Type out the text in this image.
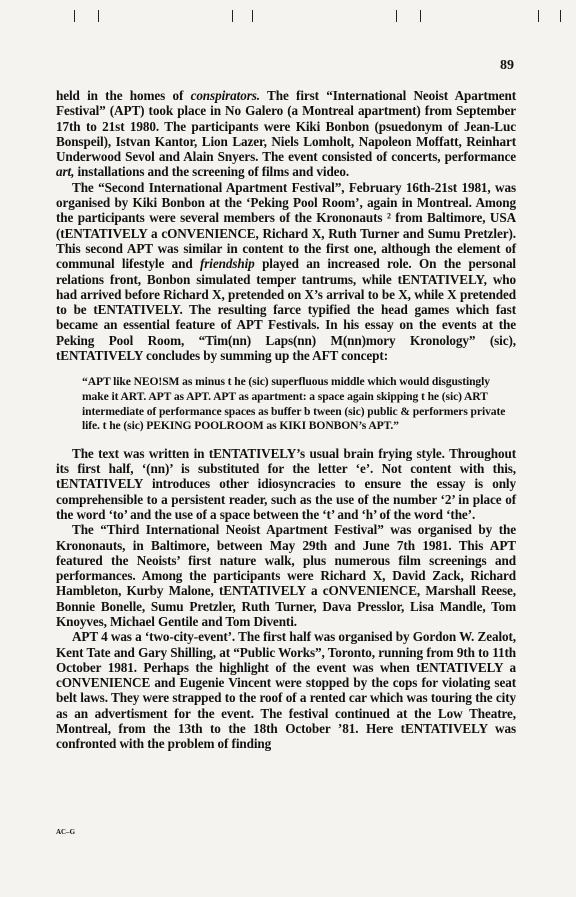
89

held in the homes of conspirators. The first “International Neoist Apartment Festival” (APT) took place in No Galero (a Montreal apartment) from September 17th to 21st 1980. The participants were Kiki Bonbon (psuedonym of Jean-Luc Bonspeil), Istvan Kantor, Lion Lazer, Niels Lomholt, Napoleon Moffatt, Reinhart Underwood Sevol and Alain Snyers. The event consisted of concerts, performance art, installations and the screening of films and video.

The “Second International Apartment Festival”, February 16th-21st 1981, was organised by Kiki Bonbon at the ‘Peking Pool Room’, again in Montreal. Among the participants were several members of the Krononauts ² from Baltimore, USA (tENTATIVELY a cONVENIENCE, Richard X, Ruth Turner and Sumu Pretzler). This second APT was similar in content to the first one, although the element of communal lifestyle and friendship played an increased role. On the personal relations front, Bonbon simulated temper tantrums, while tENTATIVELY, who had arrived before Richard X, pretended on X’s arrival to be X, while X pretended to be tENTATIVELY. The resulting farce typified the head games which fast became an essential feature of APT Festivals. In his essay on the events at the Peking Pool Room, “Tim(nn) Laps(nn) M(nn)mory Kronology” (sic), tENTATIVELY concludes by summing up the AFT concept:

“APT like NEO!SM as minus t he (sic) superfluous middle which would disgustingly make it ART. APT as APT. APT as apartment: a space again skipping t he (sic) ART intermediate of performance spaces as buffer b tween (sic) public & performers private life. t he (sic) PEKING POOLROOM as KIKI BONBON’s APT.”

The text was written in tENTATIVELY’s usual brain frying style. Throughout its first half, ‘(nn)’ is substituted for the letter ‘e’. Not content with this, tENTATIVELY introduces other idiosyncracies to ensure the essay is only comprehensible to a persistent reader, such as the use of the number ‘2’ in place of the word ‘to’ and the use of a space between the ‘t’ and ‘h’ of the word ‘the’.

The “Third International Neoist Apartment Festival” was organised by the Krononauts, in Baltimore, between May 29th and June 7th 1981. This APT featured the Neoists’ first nature walk, plus numerous film screenings and performances. Among the participants were Richard X, David Zack, Richard Hambleton, Kurby Malone, tENTATIVELY a cONVENIENCE, Marshall Reese, Bonnie Bonelle, Sumu Pretzler, Ruth Turner, Dava Presslor, Lisa Mandle, Tom Knoyves, Michael Gentile and Tom Diventi.

APT 4 was a ‘two-city-event’. The first half was organised by Gordon W. Zealot, Kent Tate and Gary Shilling, at “Public Works”, Toronto, running from 9th to 11th October 1981. Perhaps the highlight of the event was when tENTATIVELY a cONVENIENCE and Eugenie Vincent were stopped by the cops for violating seat belt laws. They were strapped to the roof of a rented car which was touring the city as an advertisment for the event. The festival continued at the Low Theatre, Montreal, from the 13th to the 18th October ’81. Here tENTATIVELY was confronted with the problem of finding

AC–G
